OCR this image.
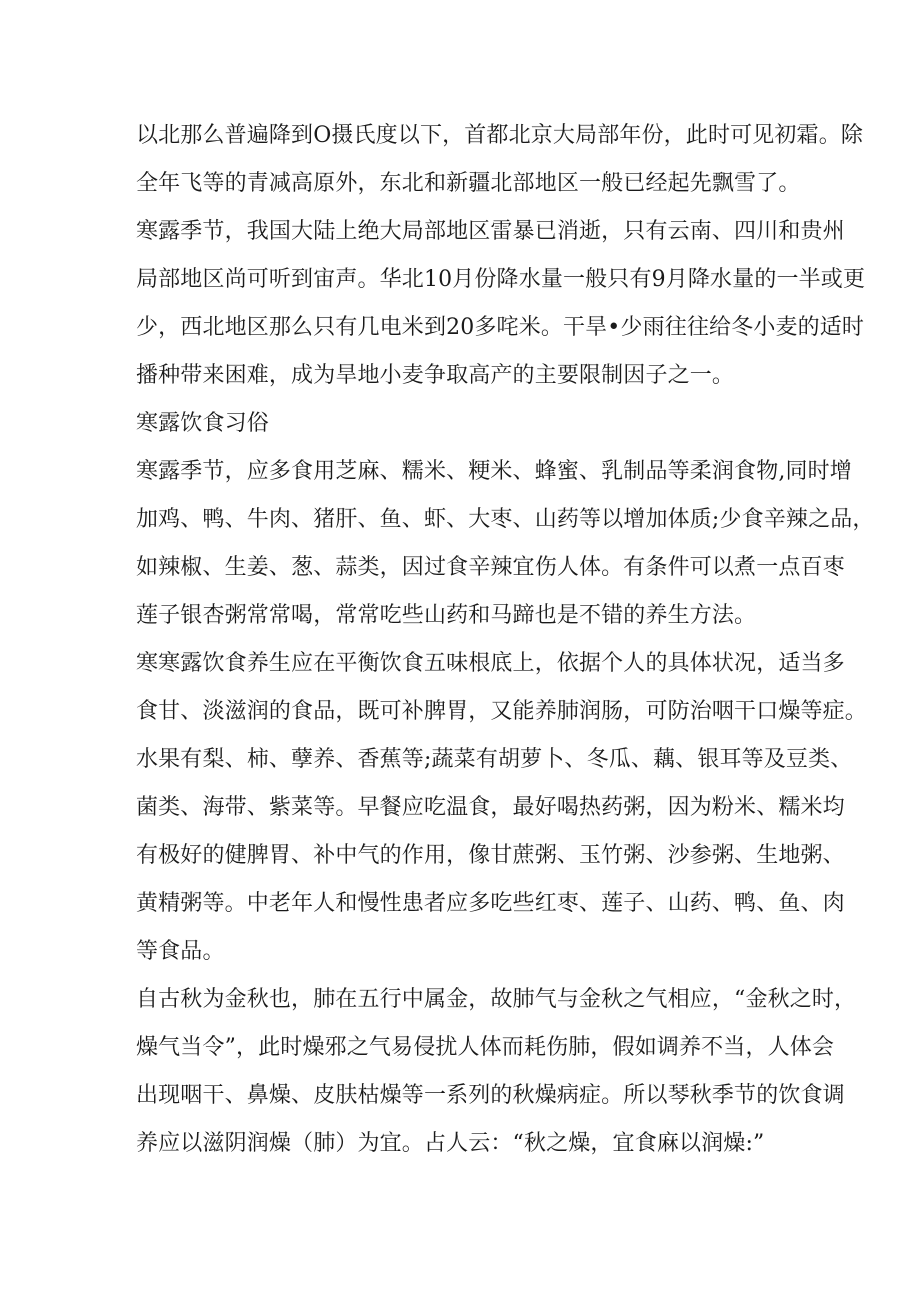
以北那么普遍降到O摄氏度以下，首都北京大局部年份，此时可见初霜。除
全年飞等的青减高原外，东北和新疆北部地区一般已经起先飘雪了。
寒露季节，我国大陆上绝大局部地区雷暴已消逝，只有云南、四川和贵州
局部地区尚可听到宙声。华北10月份降水量一般只有9月降水量的一半或更
少，西北地区那么只有几电米到20多咤米。干旱•少雨往往给冬小麦的适时
播种带来困难，成为旱地小麦争取高产的主要限制因子之一。
寒露饮食习俗
寒露季节，应多食用芝麻、糯米、粳米、蜂蜜、乳制品等柔润食物,同时增
加鸡、鸭、牛肉、猪肝、鱼、虾、大枣、山药等以增加体质;少食辛辣之品，
如辣椒、生姜、葱、蒜类，因过食辛辣宜伤人体。有条件可以煮一点百枣
莲子银杏粥常常喝，常常吃些山药和马蹄也是不错的养生方法。
寒寒露饮食养生应在平衡饮食五味根底上，依据个人的具体状况，适当多
食甘、淡滋润的食品，既可补脾胃，又能养肺润肠，可防治咽干口燥等症。
水果有梨、柿、孽养、香蕉等;蔬菜有胡萝卜、冬瓜、藕、银耳等及豆类、
菌类、海带、紫菜等。早餐应吃温食，最好喝热药粥，因为粉米、糯米均
有极好的健脾胃、补中气的作用，像甘蔗粥、玉竹粥、沙参粥、生地粥、
黄精粥等。中老年人和慢性患者应多吃些红枣、莲子、山药、鸭、鱼、肉
等食品。
自古秋为金秋也，肺在五行中属金，故肺气与金秋之气相应，“金秋之时，
燥气当令”，此时燥邪之气易侵扰人体而耗伤肺，假如调养不当，人体会
出现咽干、鼻燥、皮肤枯燥等一系列的秋燥病症。所以琴秋季节的饮食调
养应以滋阴润燥（肺）为宜。占人云：“秋之燥，宜食麻以润燥:”
